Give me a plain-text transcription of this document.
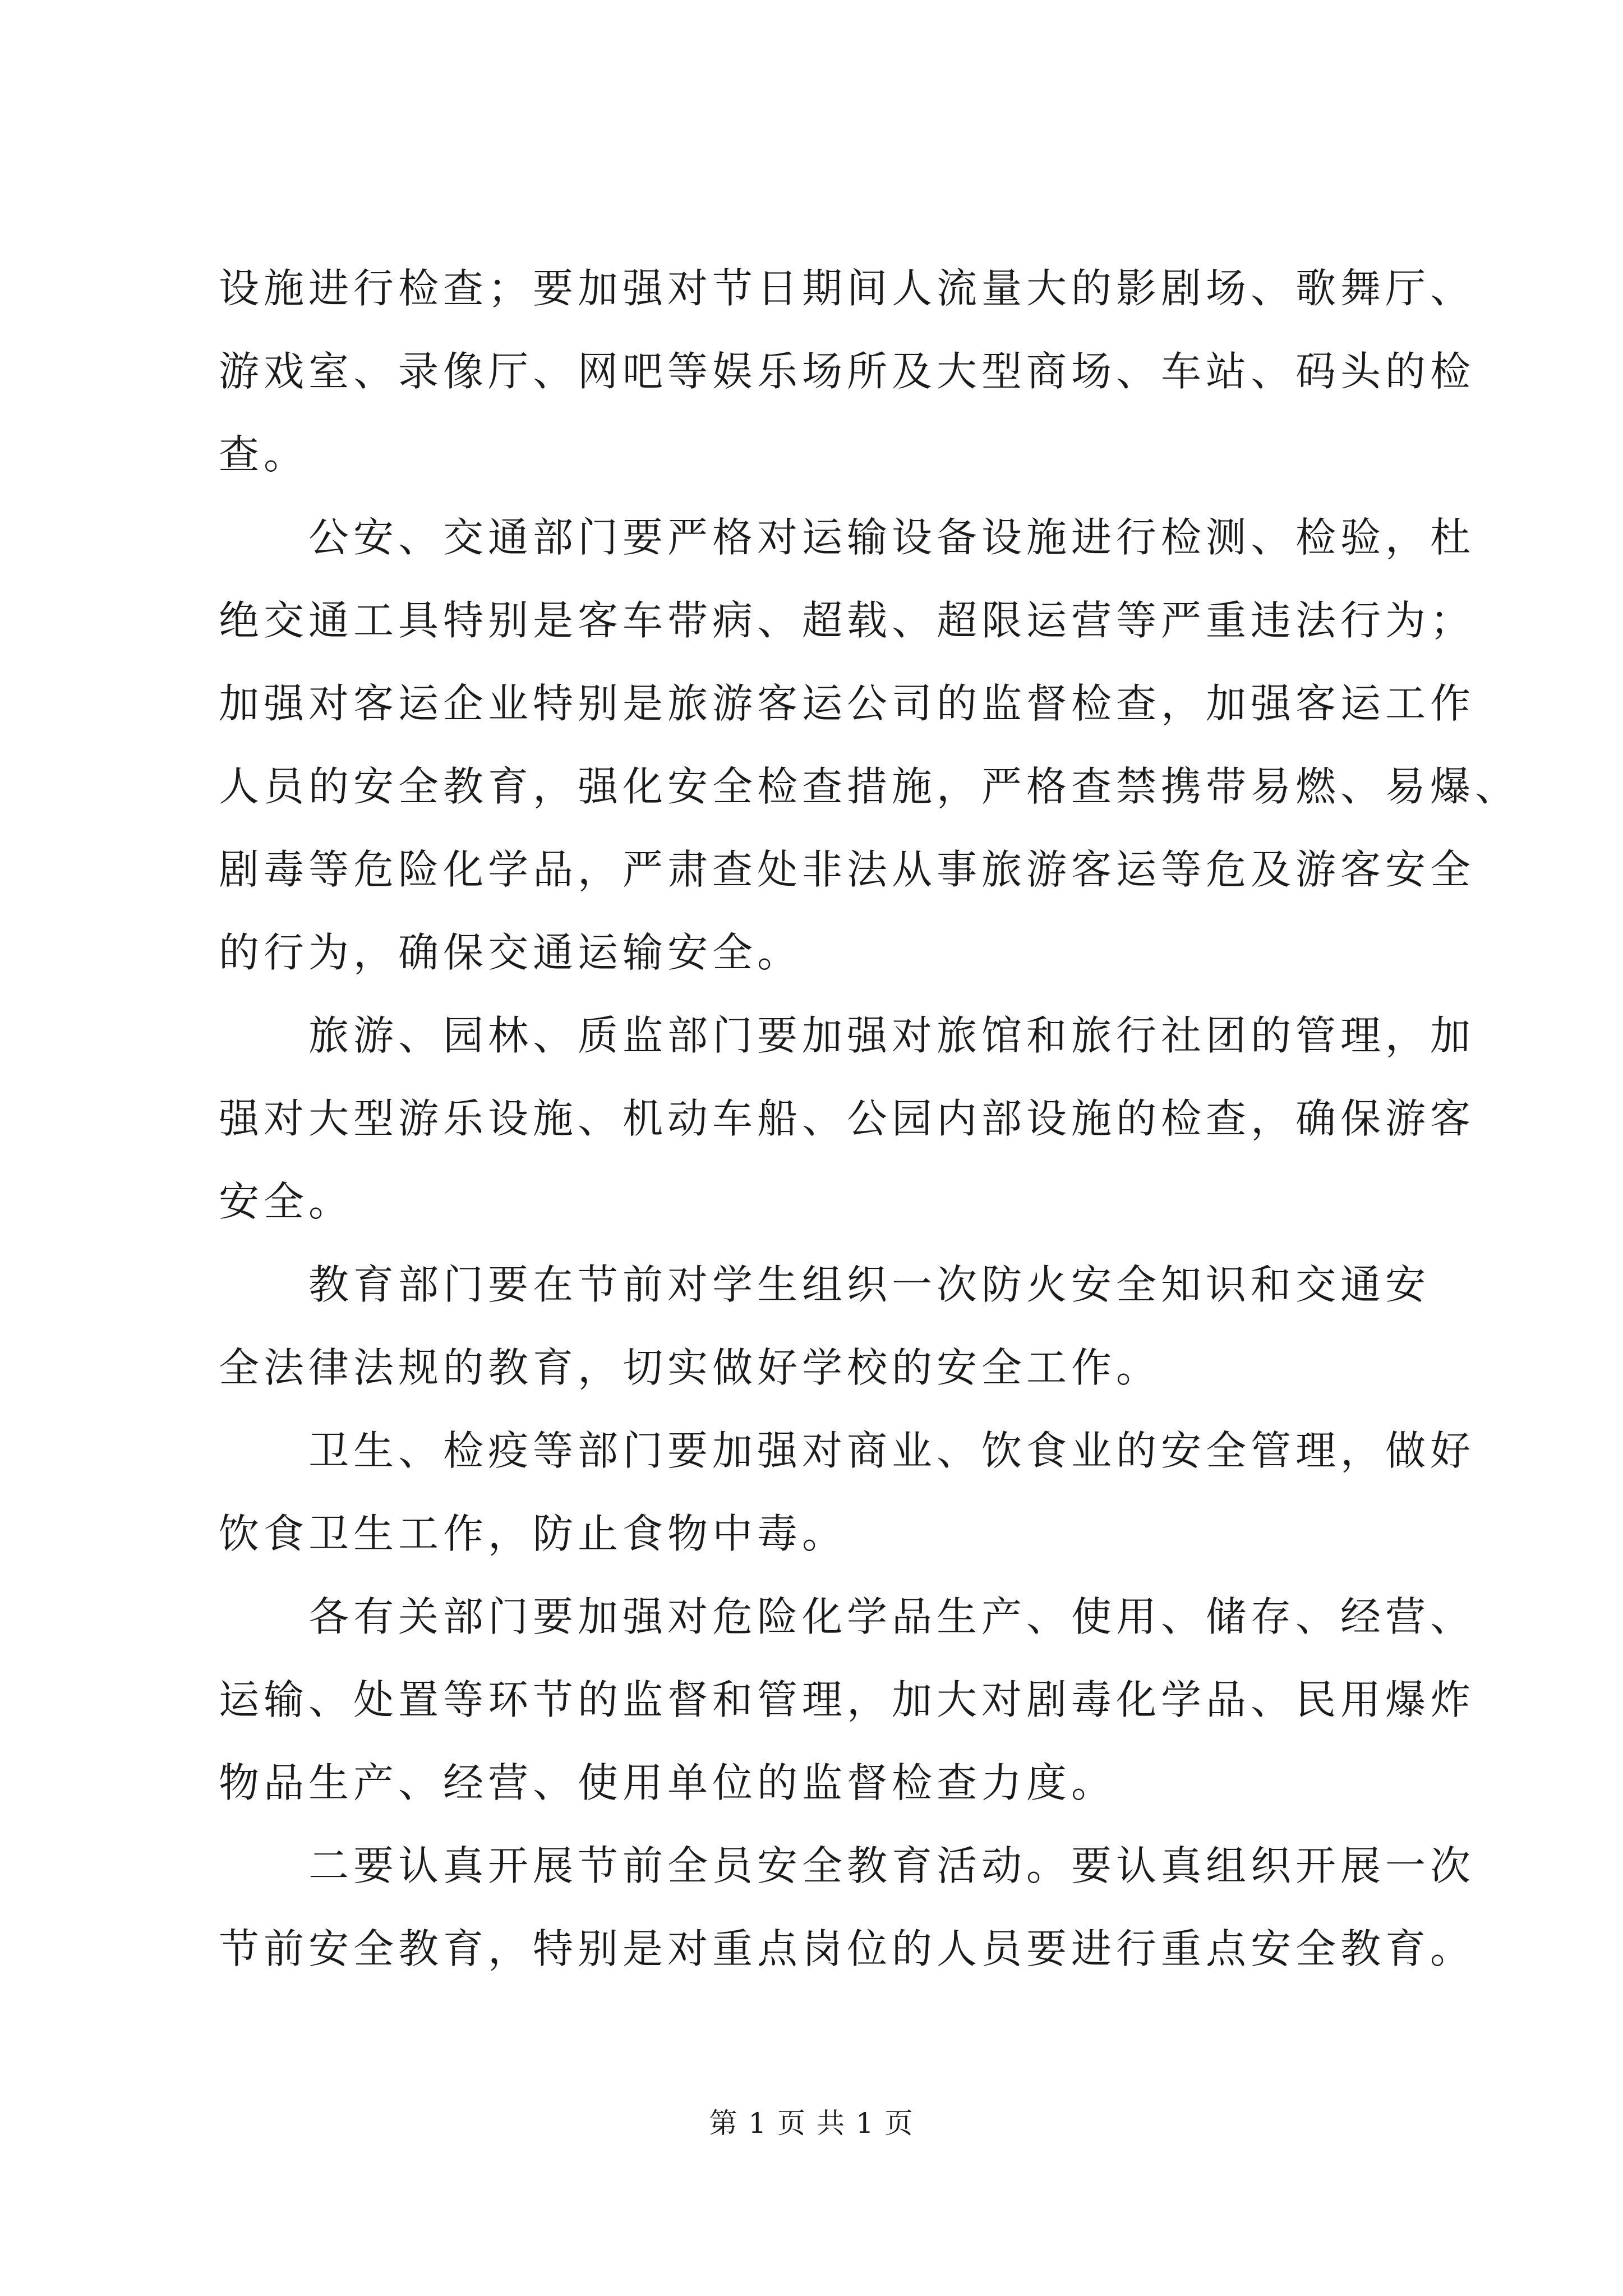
设施进行检查；要加强对节日期间人流量大的影剧场、歌舞厅、
游戏室、录像厅、网吧等娱乐场所及大型商场、车站、码头的检
查。
公安、交通部门要严格对运输设备设施进行检测、检验，杜
绝交通工具特别是客车带病、超载、超限运营等严重违法行为；
加强对客运企业特别是旅游客运公司的监督检查，加强客运工作
人员的安全教育，强化安全检查措施，严格查禁携带易燃、易爆、
剧毒等危险化学品，严肃查处非法从事旅游客运等危及游客安全
的行为，确保交通运输安全。
旅游、园林、质监部门要加强对旅馆和旅行社团的管理，加
强对大型游乐设施、机动车船、公园内部设施的检查，确保游客
安全。
教育部门要在节前对学生组织一次防火安全知识和交通安
全法律法规的教育，切实做好学校的安全工作。
卫生、检疫等部门要加强对商业、饮食业的安全管理，做好
饮食卫生工作，防止食物中毒。
各有关部门要加强对危险化学品生产、使用、储存、经营、
运输、处置等环节的监督和管理，加大对剧毒化学品、民用爆炸
物品生产、经营、使用单位的监督检查力度。
二要认真开展节前全员安全教育活动。要认真组织开展一次
节前安全教育，特别是对重点岗位的人员要进行重点安全教育。
第 1 页 共 1 页
